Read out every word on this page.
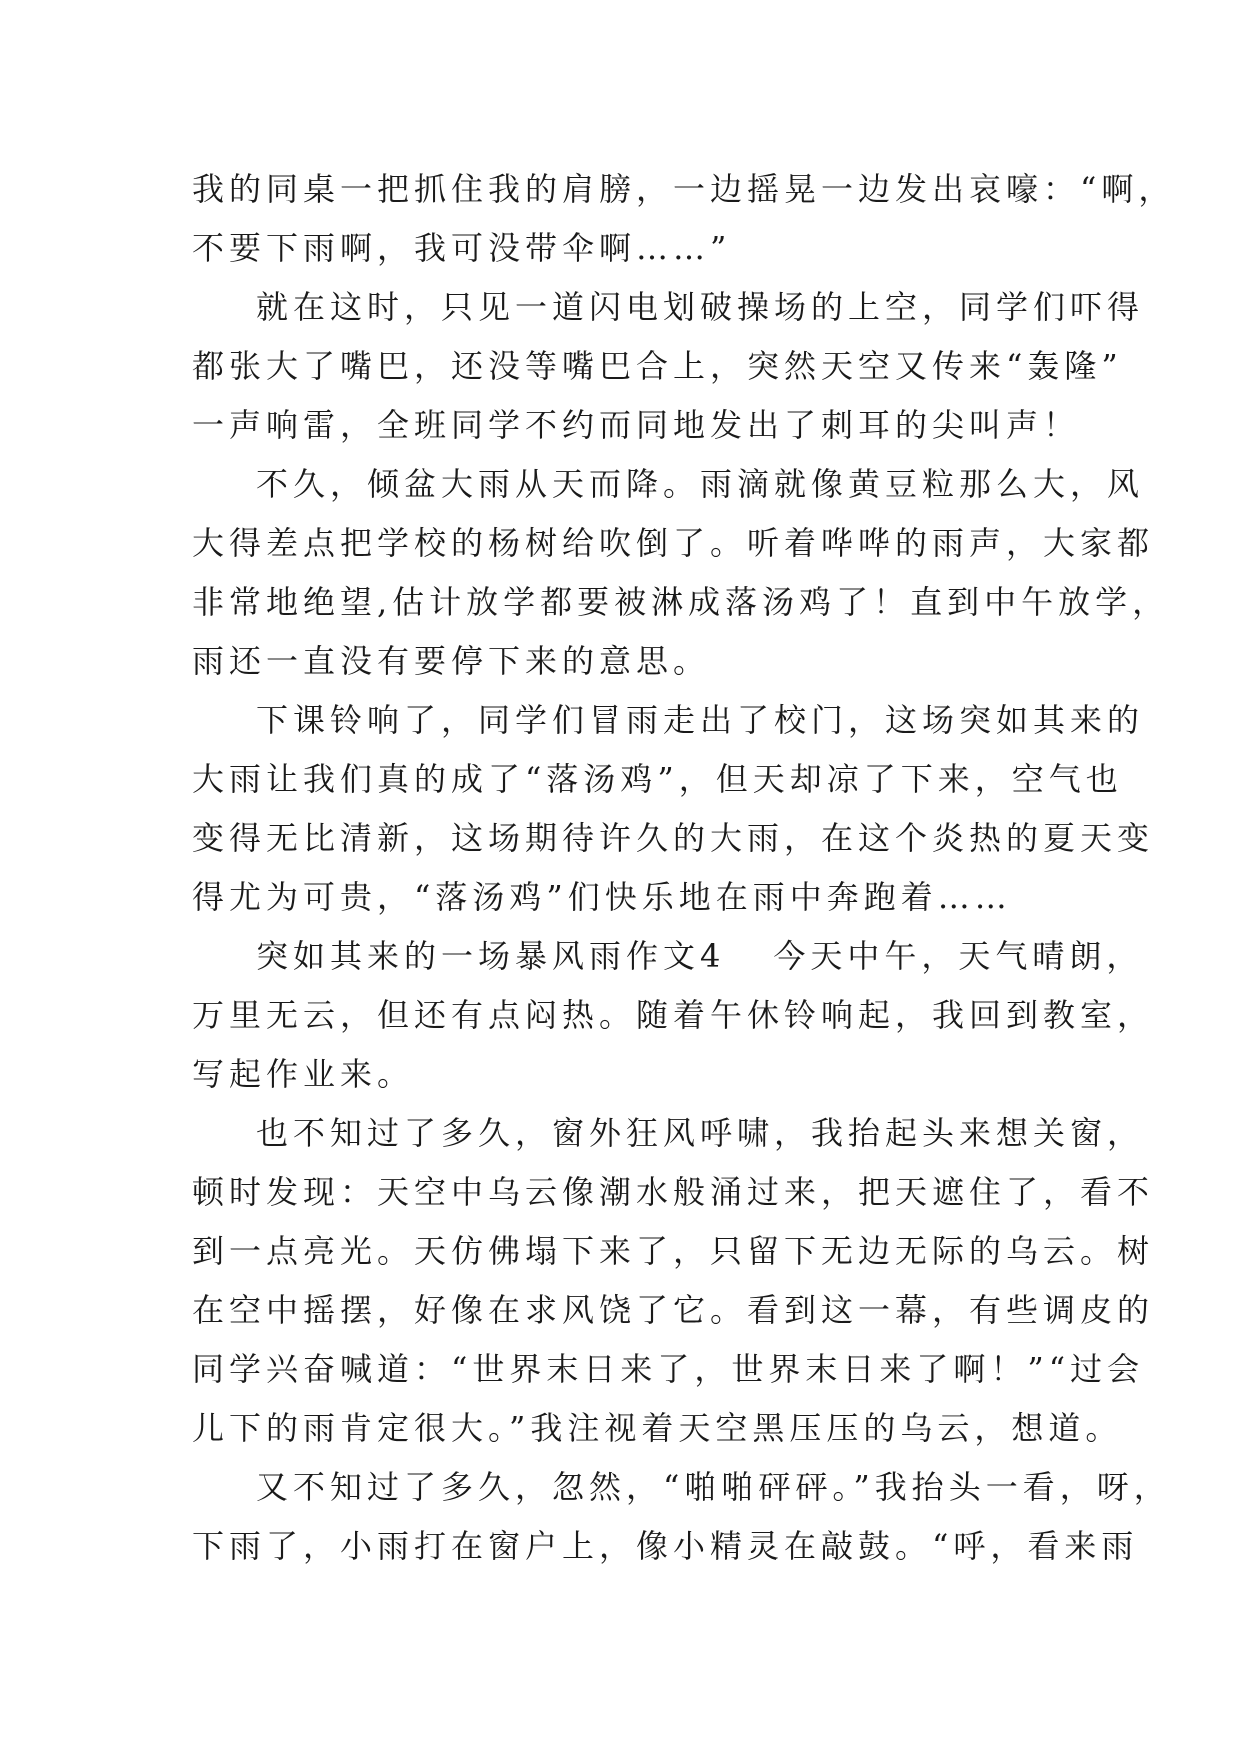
我的同桌一把抓住我的肩膀，一边摇晃一边发出哀嚎：“啊，
不要下雨啊，我可没带伞啊……”
就在这时，只见一道闪电划破操场的上空，同学们吓得
都张大了嘴巴，还没等嘴巴合上，突然天空又传来“轰隆”
一声响雷，全班同学不约而同地发出了刺耳的尖叫声！
不久，倾盆大雨从天而降。雨滴就像黄豆粒那么大，风
大得差点把学校的杨树给吹倒了。听着哗哗的雨声，大家都
非常地绝望,估计放学都要被淋成落汤鸡了！直到中午放学，
雨还一直没有要停下来的意思。
下课铃响了，同学们冒雨走出了校门，这场突如其来的
大雨让我们真的成了“落汤鸡”，但天却凉了下来，空气也
变得无比清新，这场期待许久的大雨，在这个炎热的夏天变
得尤为可贵，“落汤鸡”们快乐地在雨中奔跑着……
突如其来的一场暴风雨作文4 今天中午，天气晴朗，
万里无云，但还有点闷热。随着午休铃响起，我回到教室，
写起作业来。
也不知过了多久，窗外狂风呼啸，我抬起头来想关窗，
顿时发现：天空中乌云像潮水般涌过来，把天遮住了，看不
到一点亮光。天仿佛塌下来了，只留下无边无际的乌云。树
在空中摇摆，好像在求风饶了它。看到这一幕，有些调皮的
同学兴奋喊道：“世界末日来了，世界末日来了啊！”“过会
儿下的雨肯定很大。”我注视着天空黑压压的乌云，想道。
又不知过了多久，忽然，“啪啪砰砰。”我抬头一看，呀，
下雨了，小雨打在窗户上，像小精灵在敲鼓。“呼，看来雨
